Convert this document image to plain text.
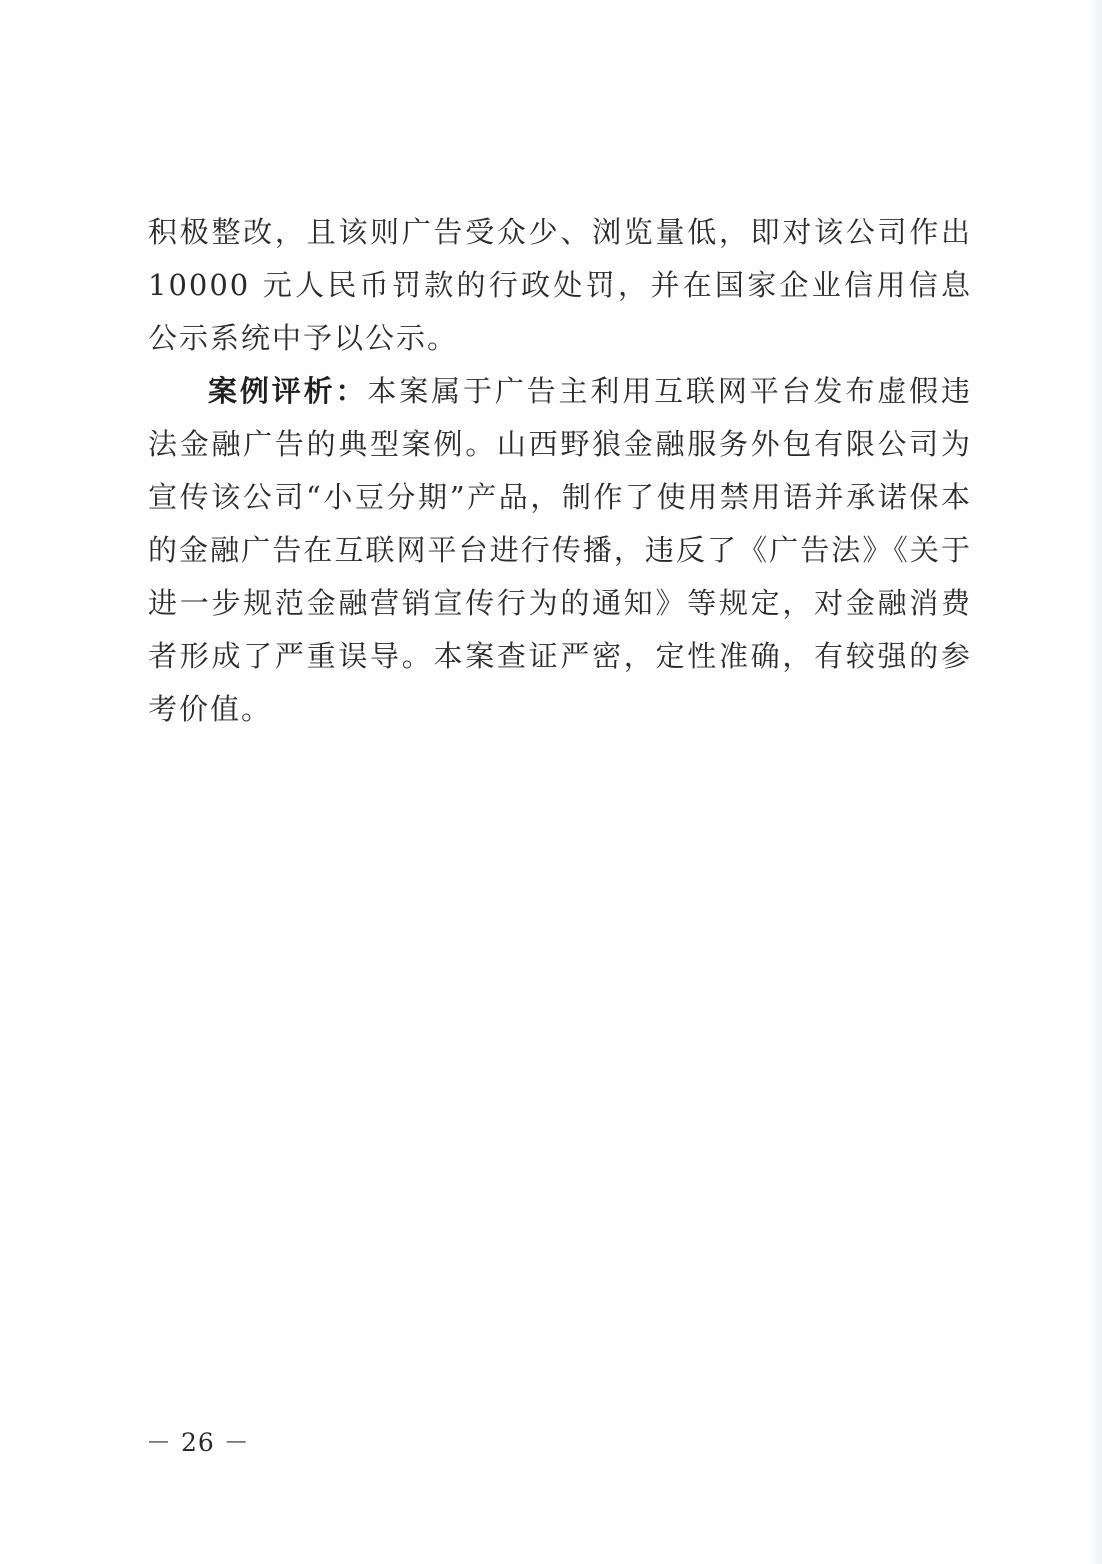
积极整改，且该则广告受众少、浏览量低，即对该公司作出 10000 元人民币罚款的行政处罚，并在国家企业信用信息公示系统中予以公示。

案例评析：本案属于广告主利用互联网平台发布虚假违法金融广告的典型案例。山西野狼金融服务外包有限公司为宣传该公司“小豆分期”产品，制作了使用禁用语并承诺保本的金融广告在互联网平台进行传播，违反了《广告法》《关于进一步规范金融营销宣传行为的通知》等规定，对金融消费者形成了严重误导。本案查证严密，定性准确，有较强的参考价值。

－ 26 －
